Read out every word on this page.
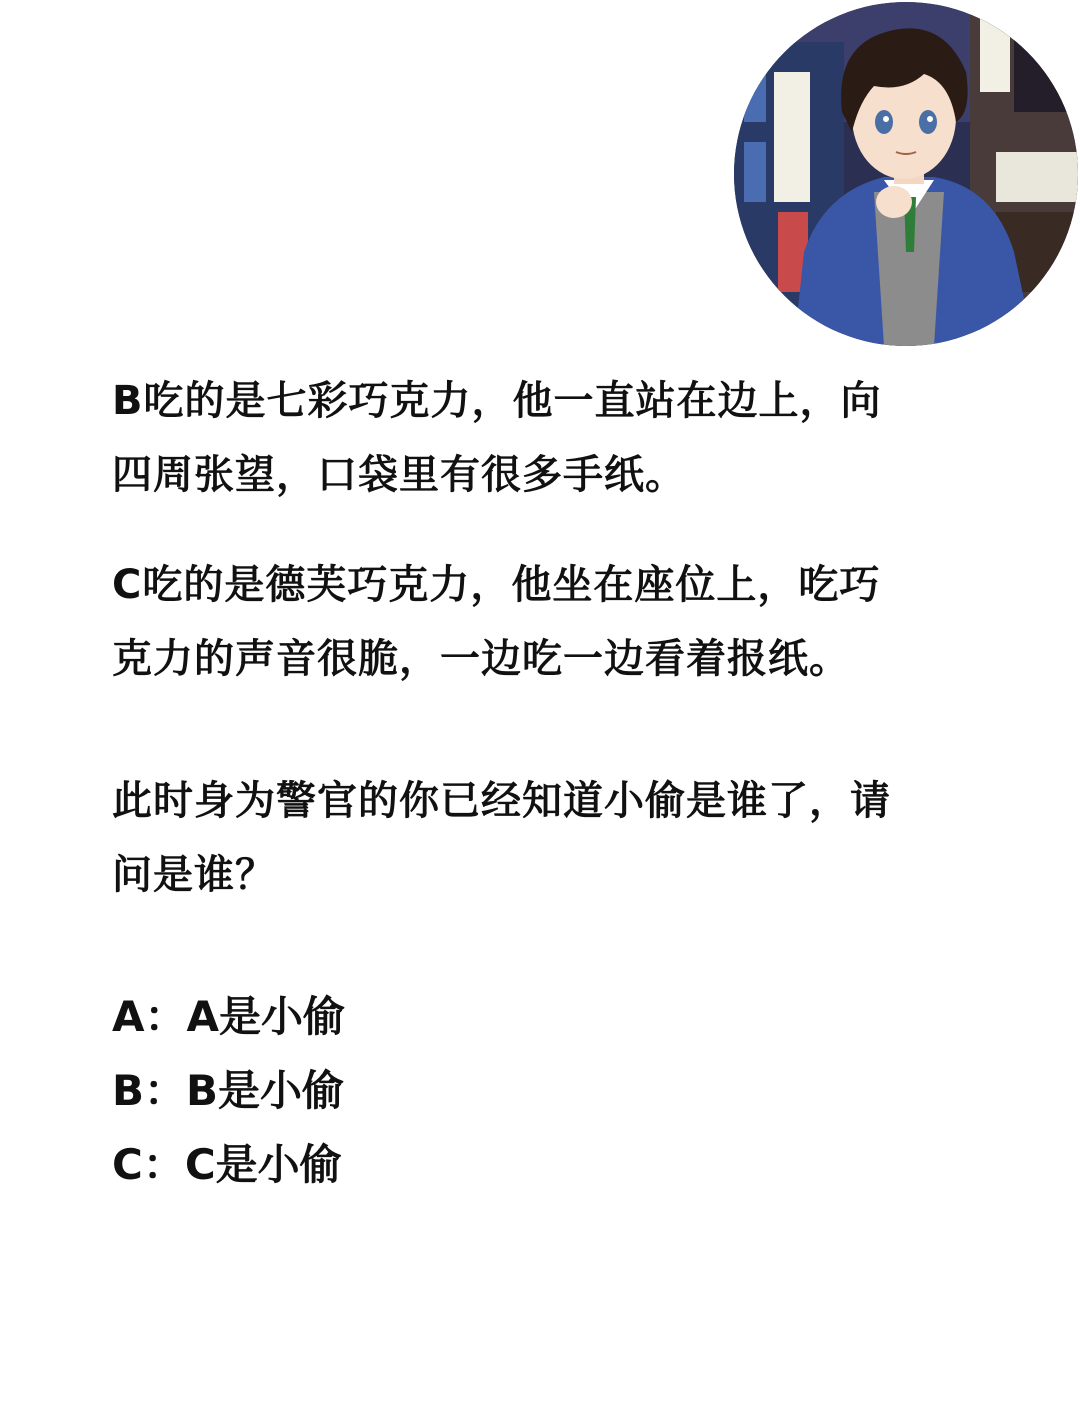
B吃的是七彩巧克力，他一直站在边上，向
四周张望，口袋里有很多手纸。
C吃的是德芙巧克力，他坐在座位上，吃巧
克力的声音很脆，一边吃一边看着报纸。
此时身为警官的你已经知道小偷是谁了，请
问是谁？
A：A是小偷
B：B是小偷
C：C是小偷
